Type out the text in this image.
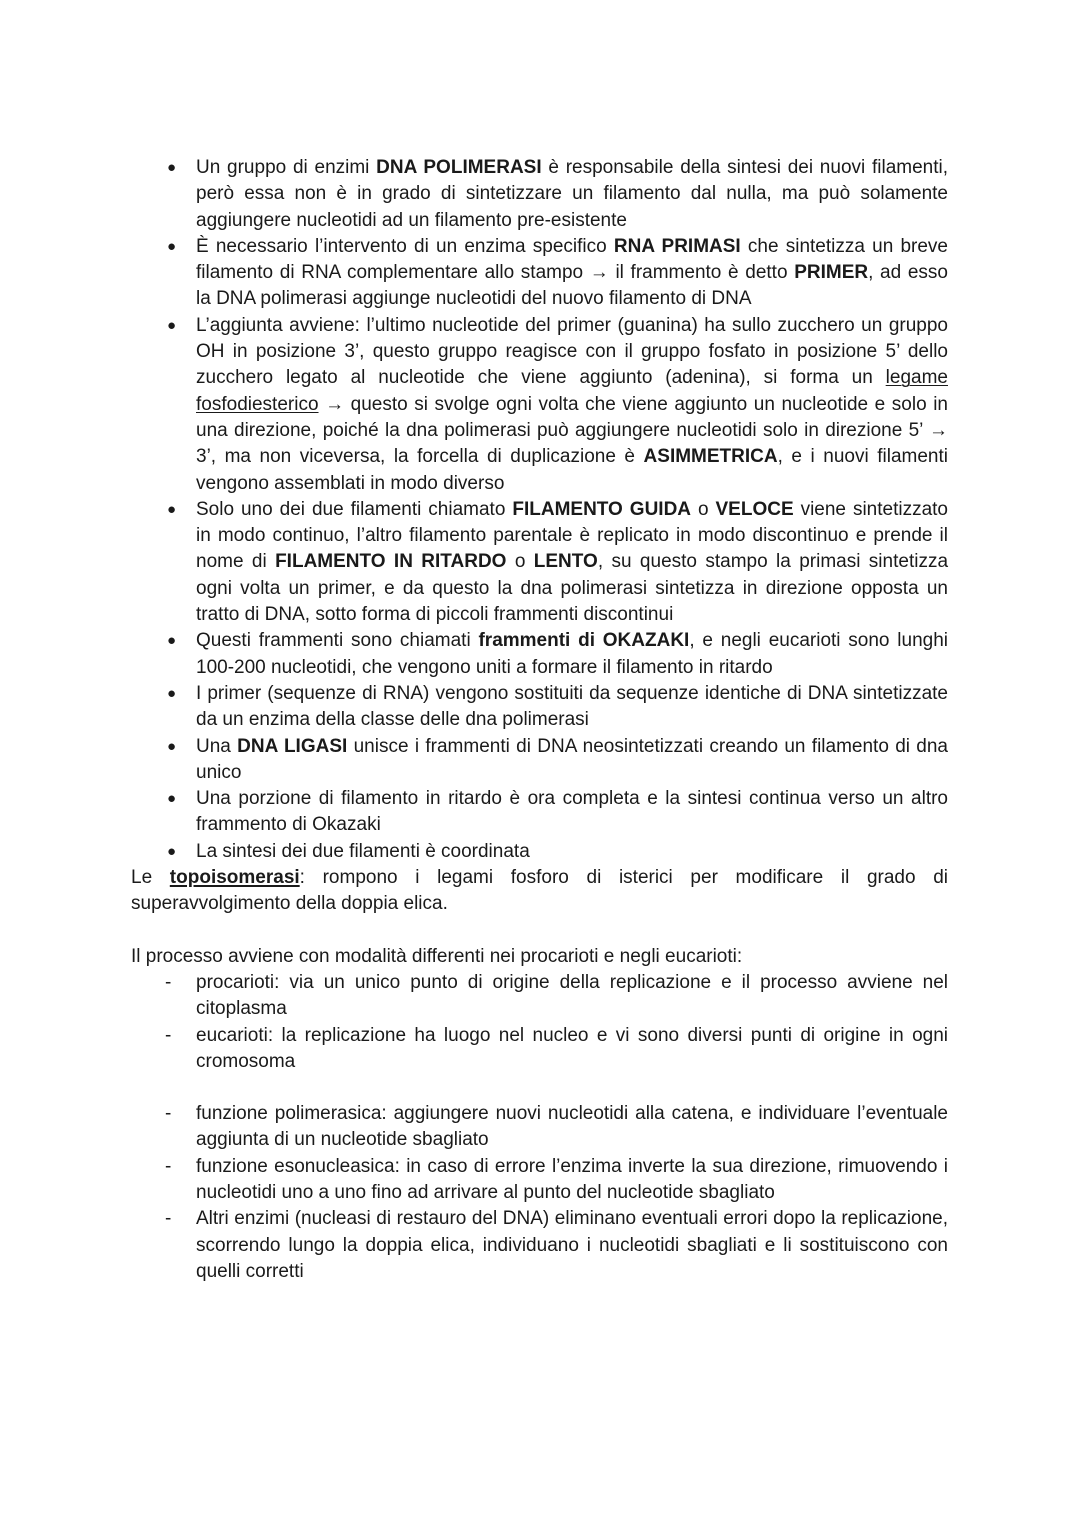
●
Un gruppo di enzimi DNA POLIMERASI è responsabile della sintesi dei nuovi filamenti, però essa non è in grado di sintetizzare un filamento dal nulla, ma può solamente aggiungere nucleotidi ad un filamento pre-esistente
●
È necessario l’intervento di un enzima specifico RNA PRIMASI che sintetizza un breve filamento di RNA complementare allo stampo → il frammento è detto PRIMER, ad esso la DNA polimerasi aggiunge nucleotidi del nuovo filamento di DNA
●
L’aggiunta avviene: l’ultimo nucleotide del primer (guanina) ha sullo zucchero un gruppo OH in posizione 3’, questo gruppo reagisce con il gruppo fosfato in posizione 5’ dello zucchero legato al nucleotide che viene aggiunto (adenina), si forma un legame fosfodiesterico → questo si svolge ogni volta che viene aggiunto un nucleotide e solo in una direzione, poiché la dna polimerasi può aggiungere nucleotidi solo in direzione 5’ → 3’, ma non viceversa, la forcella di duplicazione è ASIMMETRICA, e i nuovi filamenti vengono assemblati in modo diverso
●
Solo uno dei due filamenti chiamato FILAMENTO GUIDA o VELOCE viene sintetizzato in modo continuo, l’altro filamento parentale è replicato in modo discontinuo e prende il nome di FILAMENTO IN RITARDO o LENTO, su questo stampo la primasi sintetizza ogni volta un primer, e da questo la dna polimerasi sintetizza in direzione opposta un tratto di DNA, sotto forma di piccoli frammenti discontinui
●
Questi frammenti sono chiamati frammenti di OKAZAKI, e negli eucarioti sono lunghi 100-200 nucleotidi, che vengono uniti a formare il filamento in ritardo
●
I primer (sequenze di RNA) vengono sostituiti da sequenze identiche di DNA sintetizzate da un enzima della classe delle dna polimerasi
●
Una DNA LIGASI unisce i frammenti di DNA neosintetizzati creando un filamento di dna unico
●
Una porzione di filamento in ritardo è ora completa e la sintesi continua verso un altro frammento di Okazaki
●
La sintesi dei due filamenti è coordinata

Le topoisomerasi: rompono i legami fosforo di isterici per modificare il grado di superavvolgimento della doppia elica.

Il processo avviene con modalità differenti nei procarioti e negli eucarioti:

-
procarioti: via un unico punto di origine della replicazione e il processo avviene nel citoplasma
-
eucarioti: la replicazione ha luogo nel nucleo e vi sono diversi punti di origine in ogni cromosoma
-
funzione polimerasica: aggiungere nuovi nucleotidi alla catena, e individuare l’eventuale aggiunta di un nucleotide sbagliato
-
funzione esonucleasica: in caso di errore l’enzima inverte la sua direzione, rimuovendo i nucleotidi uno a uno fino ad arrivare al punto del nucleotide sbagliato
-
Altri enzimi (nucleasi di restauro del DNA) eliminano eventuali errori dopo la replicazione, scorrendo lungo la doppia elica, individuano i nucleotidi sbagliati e li sostituiscono con quelli corretti
